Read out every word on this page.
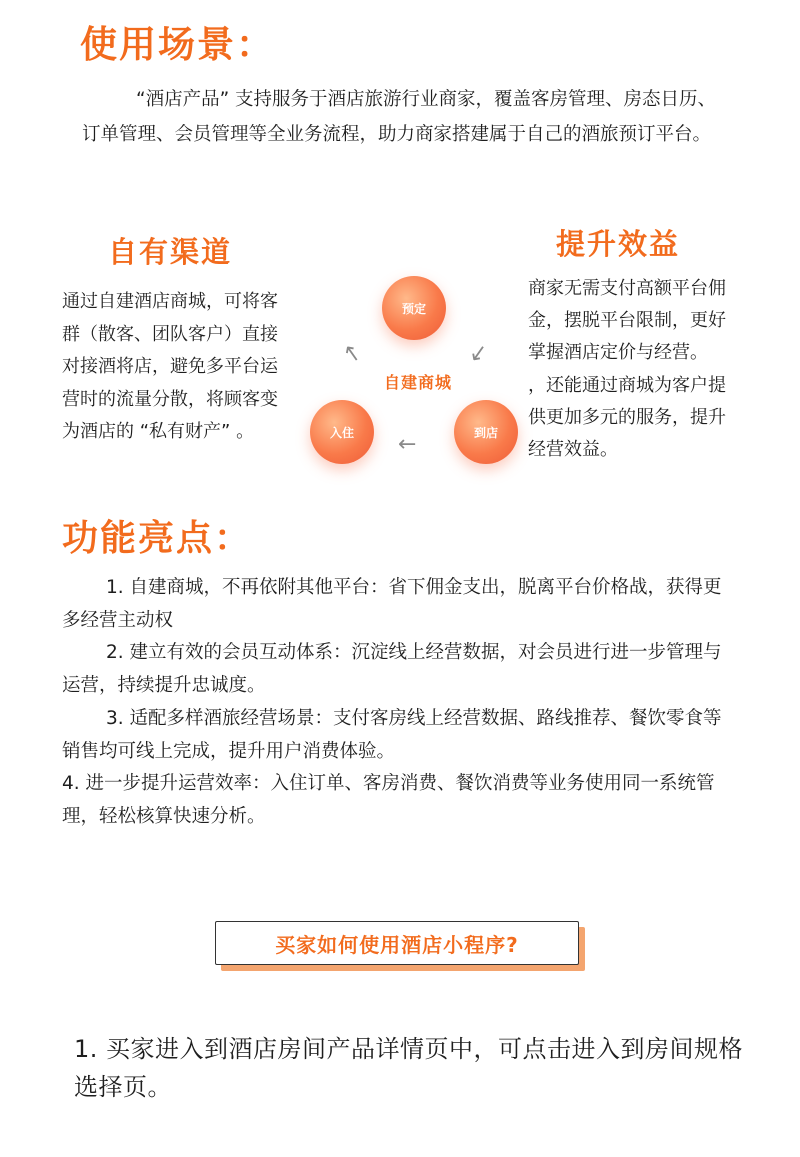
使用场景：

“酒店产品” 支持服务于酒店旅游行业商家，覆盖客房管理、房态日历、订单管理、会员管理等全业务流程，助力商家搭建属于自己的酒旅预订平台。

自有渠道

通过自建酒店商城，可将客群（散客、团队客户）直接对接酒将店，避免多平台运营时的流量分散，将顾客变为酒店的 “私有财产” 。

提升效益

商家无需支付高额平台佣金，摆脱平台限制，更好掌握酒店定价与经营。

，还能通过商城为客户提供更加多元的服务，提升经营效益。

预定
入住	到店
自建商城
↑	↓
←
功能亮点：

1. 自建商城，不再依附其他平台：省下佣金支出，脱离平台价格战，获得更多经营主动权

2. 建立有效的会员互动体系：沉淀线上经营数据，对会员进行进一步管理与运营，持续提升忠诚度。

3. 适配多样酒旅经营场景：支付客房线上经营数据、路线推荐、餐饮零食等销售均可线上完成，提升用户消费体验。

4. 进一步提升运营效率：入住订单、客房消费、餐饮消费等业务使用同一系统管理，轻松核算快速分析。

买家如何使用酒店小程序?

1. 买家进入到酒店房间产品详情页中，可点击进入到房间规格选择页。
